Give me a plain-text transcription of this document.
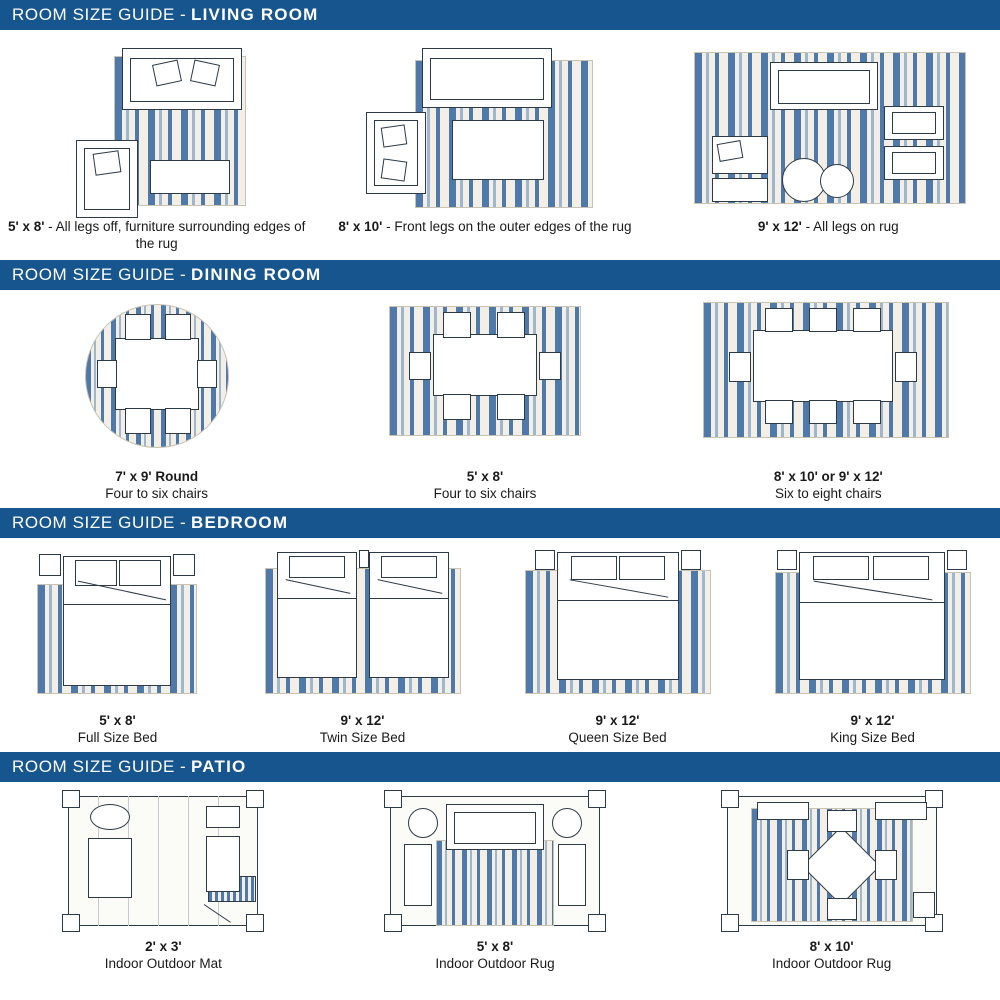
ROOM SIZE GUIDE - LIVING ROOM
5' x 8' - All legs off, furniture surrounding edges of the rug
8' x 10' - Front legs on the outer edges of the rug	9' x 12' - All legs on rug
ROOM SIZE GUIDE - DINING ROOM
7' x 9' Round
Four to six chairs
5' x 8'
Four to six chairs
8' x 10' or 9' x 12'
Six to eight chairs
ROOM SIZE GUIDE - BEDROOM
5' x 8'
Full Size Bed
9' x 12'
Twin Size Bed
9' x 12'
Queen Size Bed
9' x 12'
King Size Bed
ROOM SIZE GUIDE - PATIO
2' x 3'
Indoor Outdoor Mat
5' x 8'
Indoor Outdoor Rug
8' x 10'
Indoor Outdoor Rug
